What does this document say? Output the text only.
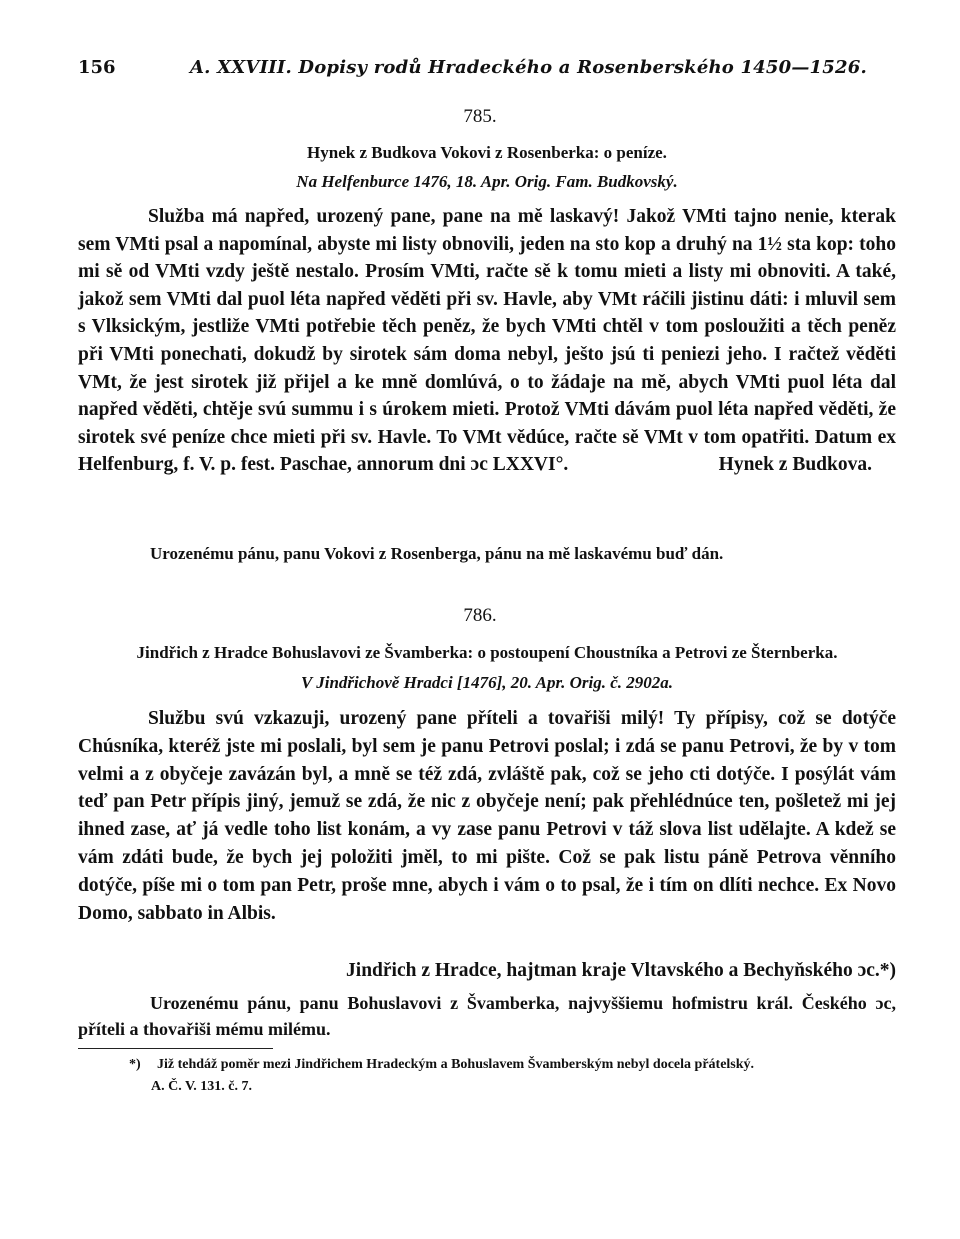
156	A. XXVIII. Dopisy rodů Hradeckého a Rosenberského 1450—1526.
785.
Hynek z Budkova Vokovi z Rosenberka: o peníze.
Na Helfenburce 1476, 18. Apr. Orig. Fam. Budkovský.
Služba má napřed, urozený pane, pane na mě laskavý! Jakož VMti tajno nenie, kterak sem VMti psal a napomínal, abyste mi listy obnovili, jeden na sto kop a druhý na 1½ sta kop: toho mi sě od VMti vzdy ještě nestalo. Prosím VMti, račte sě k tomu mieti a listy mi obnoviti. A také, jakož sem VMti dal puol léta napřed věděti při sv. Havle, aby VMt ráčili jistinu dáti: i mluvil sem s Vlksickým, jestliže VMti potřebie těch peněz, že bych VMti chtěl v tom posloužiti a těch peněz při VMti ponechati, dokudž by sirotek sám doma nebyl, ješto jsú ti peniezi jeho. I račtež věděti VMt, že jest sirotek již přijel a ke mně domlúvá, o to žádaje na mě, abych VMti puol léta dal napřed věděti, chtěje svú summu i s úrokem mieti. Protož VMti dávám puol léta napřed věděti, že sirotek své peníze chce mieti při sv. Havle. To VMt vědúce, račte sě VMt v tom opatřiti. Datum ex Helfenburg, f. V. p. fest. Paschae, annorum dni ɔc LXXVI°.	Hynek z Budkova.
Urozenému pánu, panu Vokovi z Rosenberga, pánu na mě laskavému buď dán.
786.
Jindřich z Hradce Bohuslavovi ze Švamberka: o postoupení Choustníka a Petrovi ze Šternberka.
V Jindřichově Hradci [1476], 20. Apr. Orig. č. 2902a.
Službu svú vzkazuji, urozený pane příteli a tovařiši milý! Ty přípisy, což se dotýče Chúsníka, kteréž jste mi poslali, byl sem je panu Petrovi poslal; i zdá se panu Petrovi, že by v tom velmi a z obyčeje zavázán byl, a mně se též zdá, zvláště pak, což se jeho cti dotýče. I posýlát vám teď pan Petr přípis jiný, jemuž se zdá, že nic z obyčeje není; pak přehlédnúce ten, pošletež mi jej ihned zase, ať já vedle toho list konám, a vy zase panu Petrovi v táž slova list udělajte. A kdež se vám zdáti bude, že bych jej položiti jměl, to mi pište. Což se pak listu páně Petrova věnního dotýče, píše mi o tom pan Petr, prošе mne, abych i vám o to psal, že i tím on dlíti nechce. Ex Novo Domo, sabbato in Albis.
Jindřich z Hradce, hajtman kraje Vltavského a Bechyňského ɔc.*)
Urozenému pánu, panu Bohuslavovi z Švamberka, najvyššiemu hofmistru král. Českého ɔc, příteli a thovařiši mému milému.
*)	Již tehdáž poměr mezi Jindřichem Hradeckým a Bohuslavem Švamberským nebyl docela přátelský.
A. Č. V. 131. č. 7.
